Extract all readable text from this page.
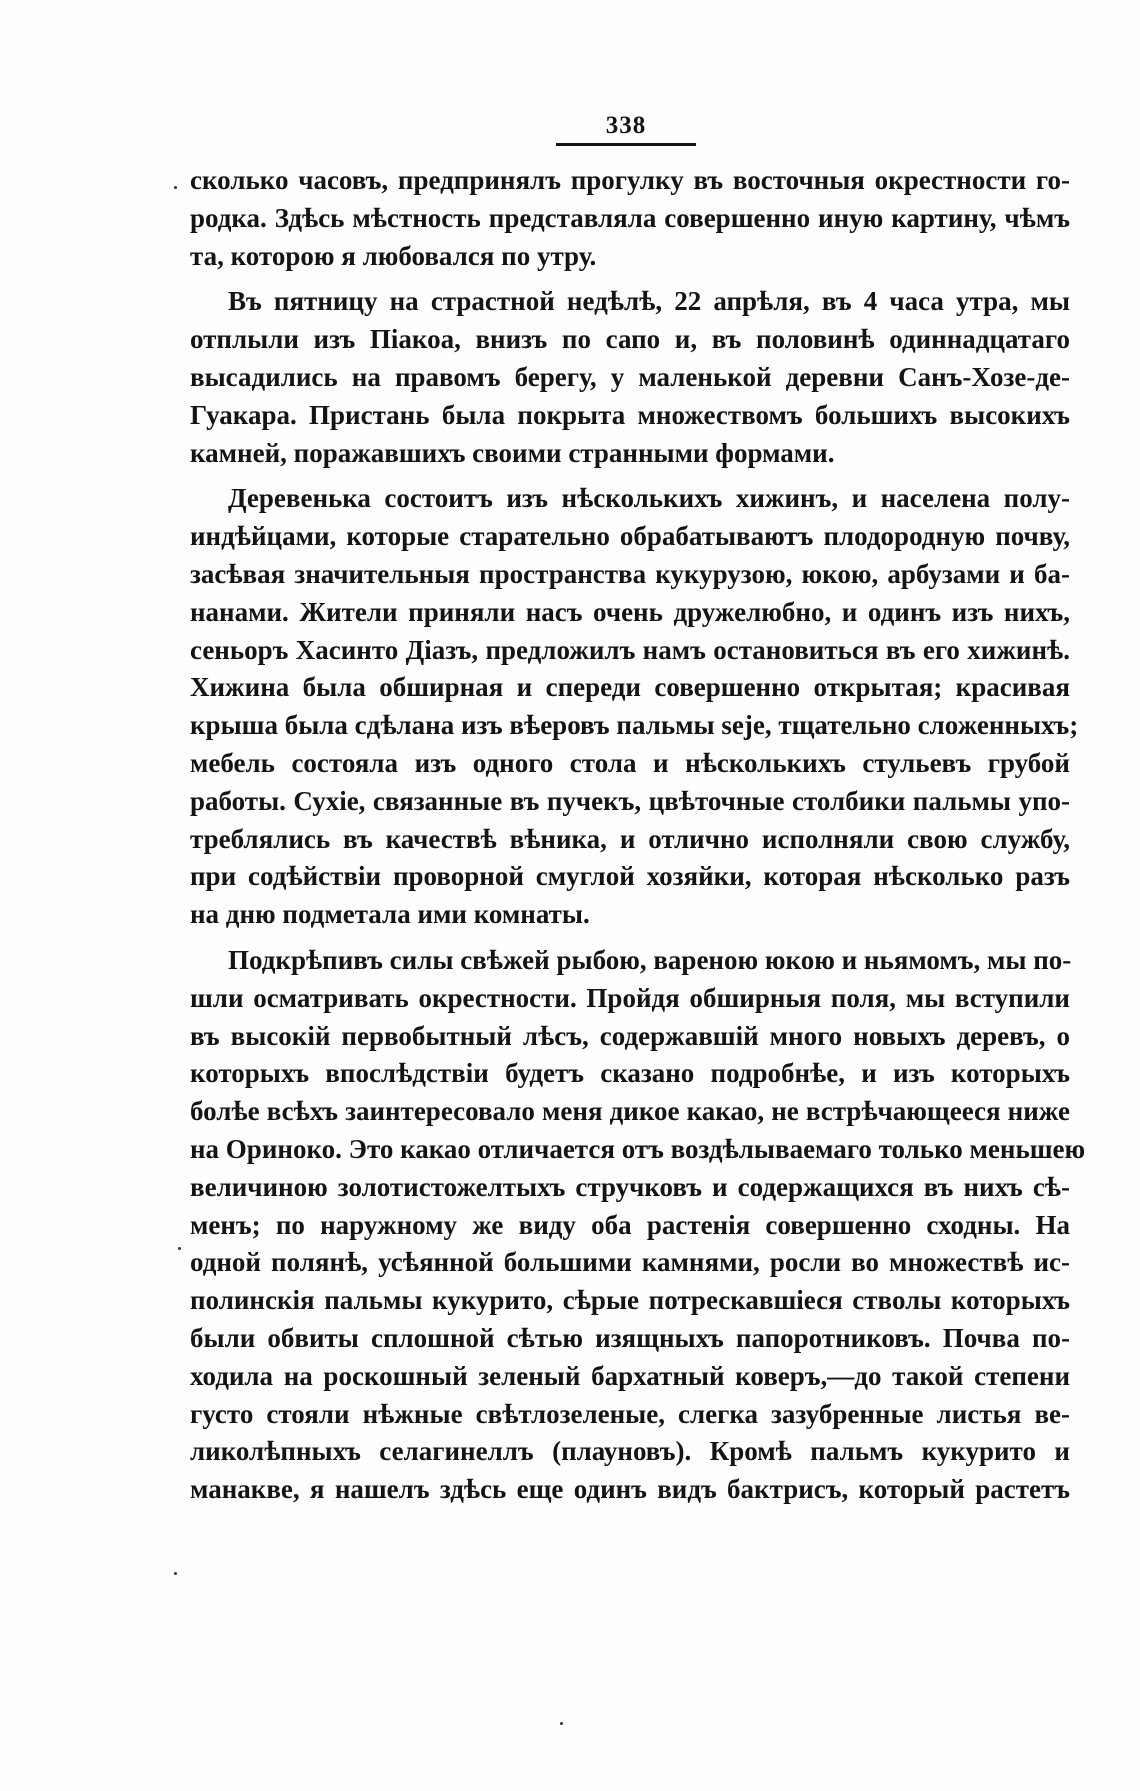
338
сколько часовъ, предпринялъ прогулку въ восточныя окрестности го-
родка. Здѣсь мѣстность представляла совершенно иную картину, чѣмъ
та, которою я любовался по утру.
Въ пятницу на страстной недѣлѣ, 22 апрѣля, въ 4 часа утра, мы
отплыли изъ Піакоа, внизъ по сапо и, въ половинѣ одиннадцатаго
высадились на правомъ берегу, у маленькой деревни Санъ-Хозе-де-
Гуакара. Пристань была покрыта множествомъ большихъ высокихъ
камней, поражавшихъ своими странными формами.
Деревенька состоитъ изъ нѣсколькихъ хижинъ, и населена полу-
индѣйцами, которые старательно обрабатываютъ плодородную почву,
засѣвая значительныя пространства кукурузою, юкою, арбузами и ба-
нанами. Жители приняли насъ очень дружелюбно, и одинъ изъ нихъ,
сеньоръ Хасинто Діазъ, предложилъ намъ остановиться въ его хижинѣ.
Хижина была обширная и спереди совершенно открытая; красивая
крыша была сдѣлана изъ вѣеровъ пальмы seje, тщательно сложенныхъ;
мебель состояла изъ одного стола и нѣсколькихъ стульевъ грубой
работы. Сухіе, связанные въ пучекъ, цвѣточные столбики пальмы упо-
треблялись въ качествѣ вѣника, и отлично исполняли свою службу,
при содѣйствіи проворной смуглой хозяйки, которая нѣсколько разъ
на дню подметала ими комнаты.
Подкрѣпивъ силы свѣжей рыбою, вареною юкою и ньямомъ, мы по-
шли осматривать окрестности. Пройдя обширныя поля, мы вступили
въ высокій первобытный лѣсъ, содержавшій много новыхъ деревъ, о
которыхъ впослѣдствіи будетъ сказано подробнѣе, и изъ которыхъ
болѣе всѣхъ заинтересовало меня дикое какао, не встрѣчающееся ниже
на Ориноко. Это какао отличается отъ воздѣлываемаго только меньшею
величиною золотистожелтыхъ стручковъ и содержащихся въ нихъ сѣ-
менъ; по наружному же виду оба растенія совершенно сходны. На
одной полянѣ, усѣянной большими камнями, росли во множествѣ ис-
полинскія пальмы кукурито, сѣрые потрескавшіеся стволы которыхъ
были обвиты сплошной сѣтью изящныхъ папоротниковъ. Почва по-
ходила на роскошный зеленый бархатный коверъ,—до такой степени
густо стояли нѣжные свѣтлозеленые, слегка зазубренные листья ве-
ликолѣпныхъ селагинеллъ (плауновъ). Кромѣ пальмъ кукурито и
манакве, я нашелъ здѣсь еще одинъ видъ бактрисъ, который растетъ
